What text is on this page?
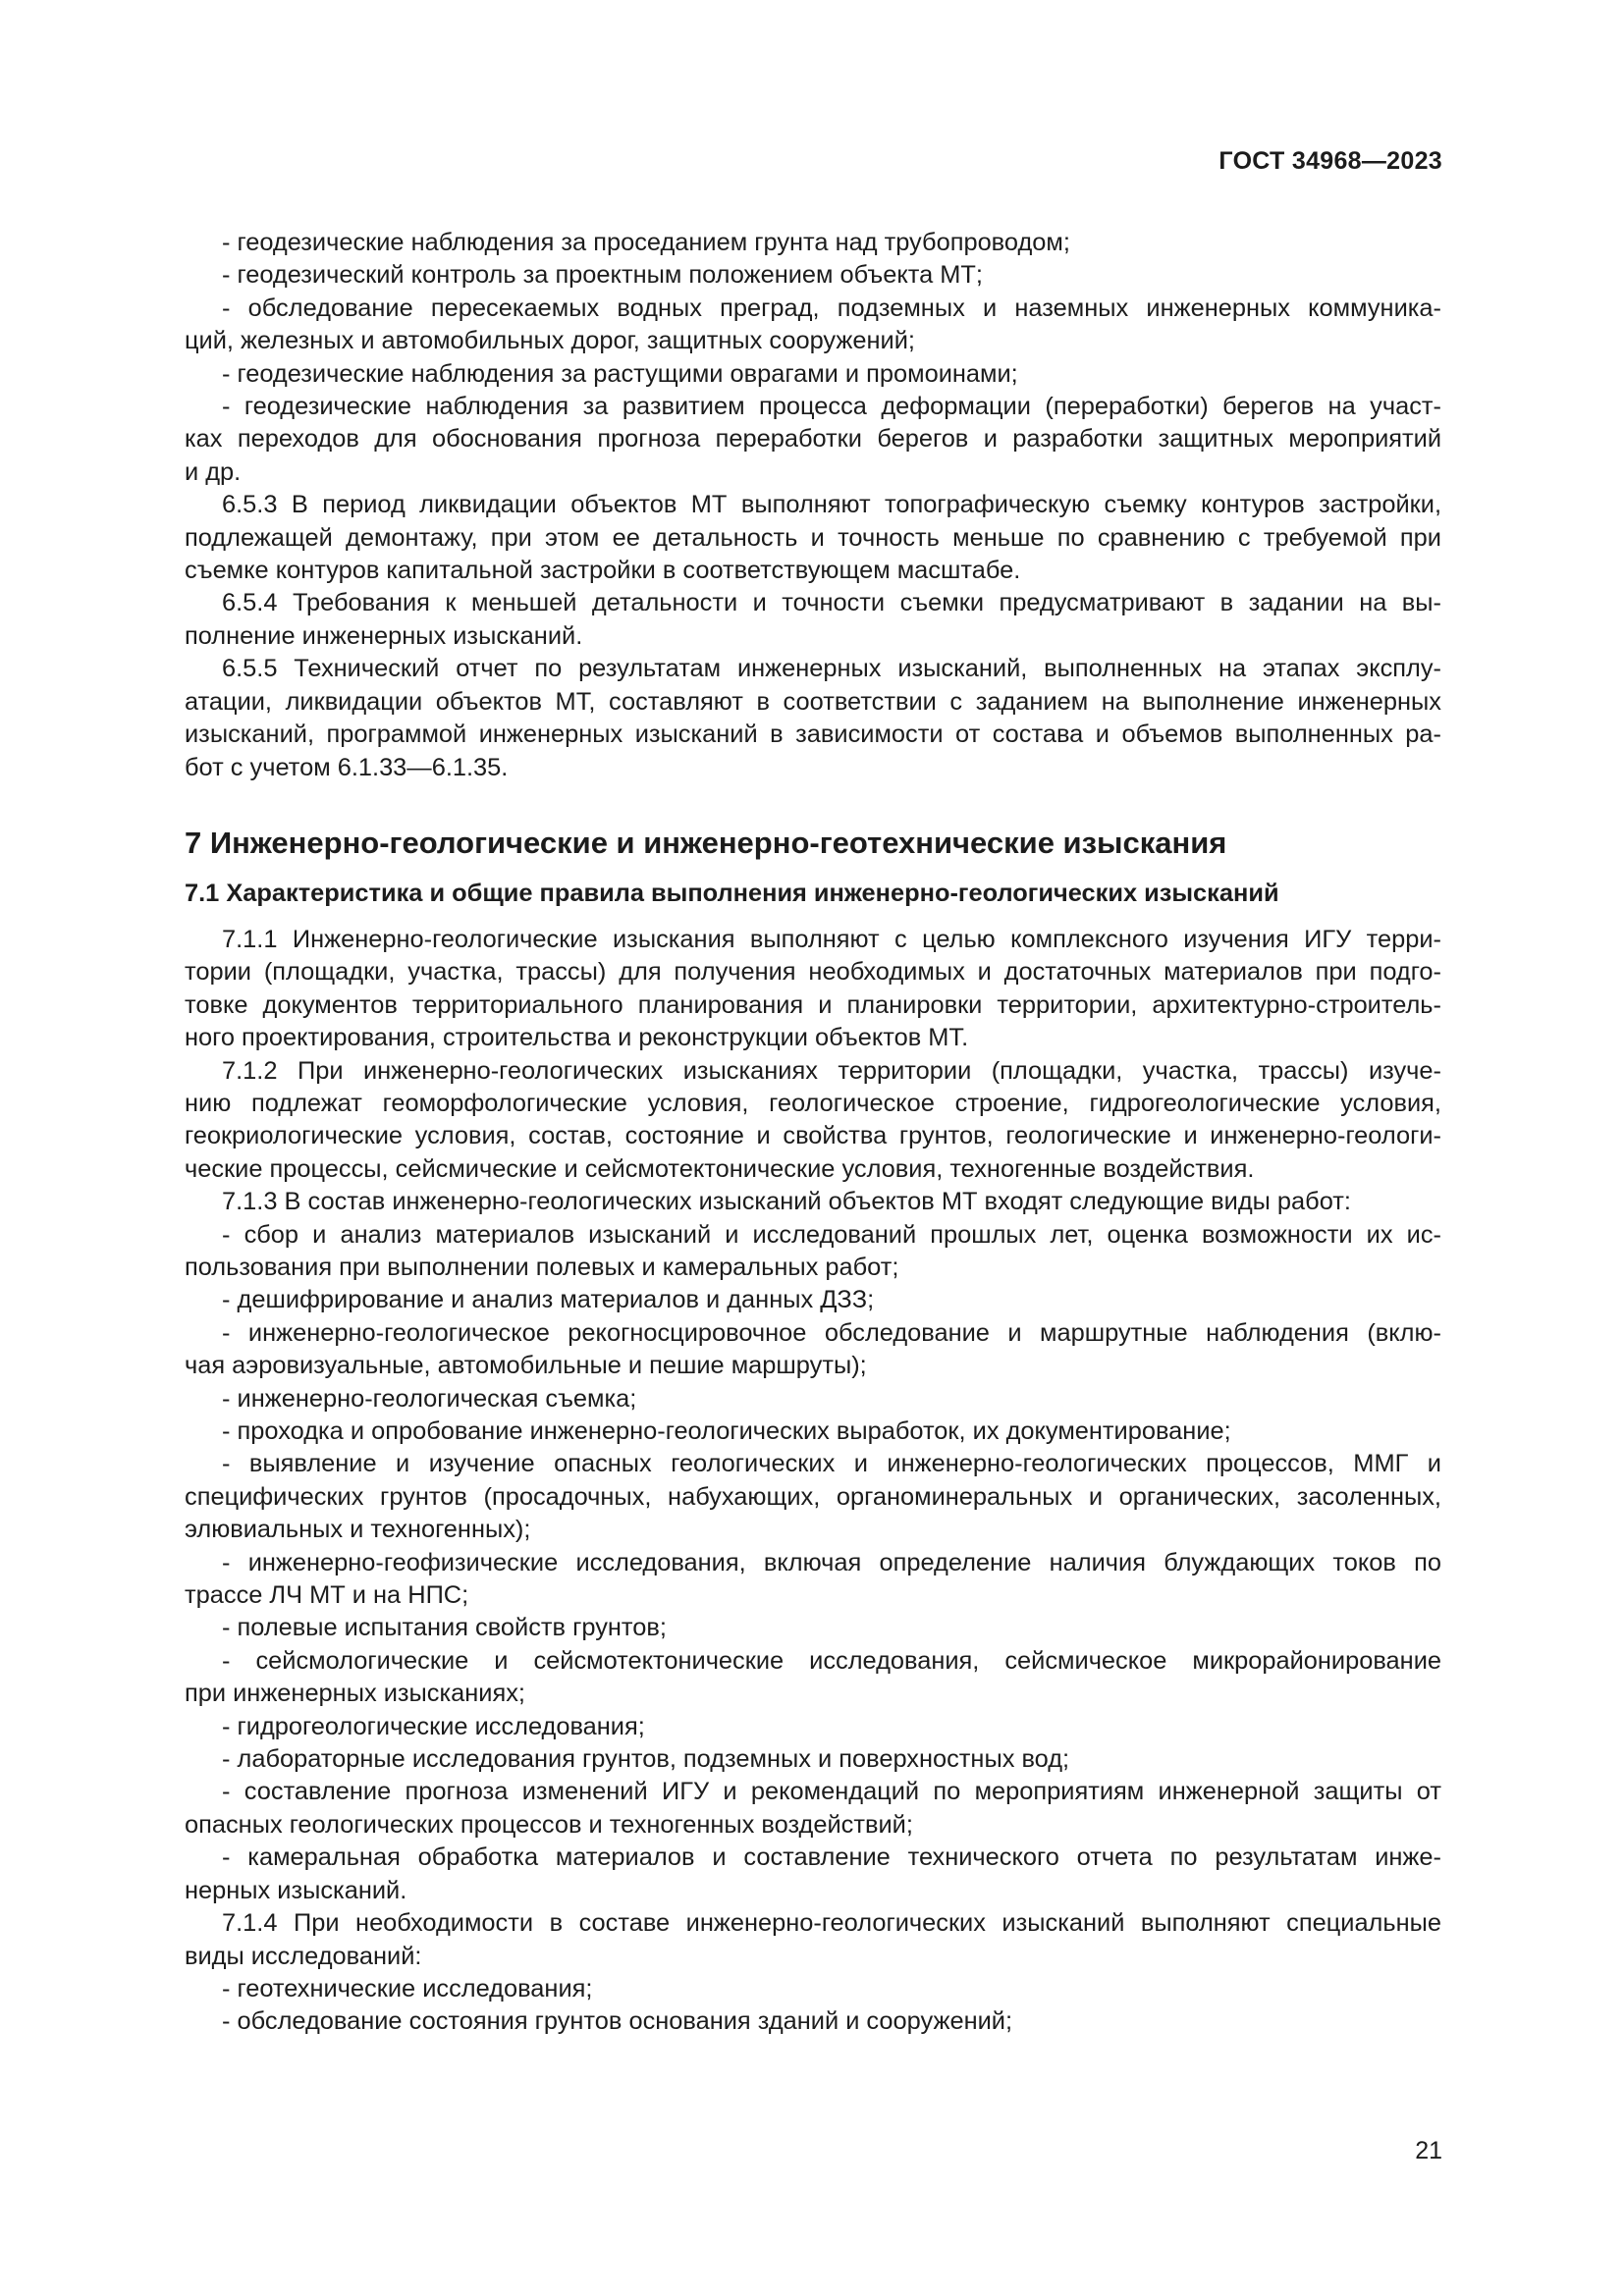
ГОСТ 34968—2023
- геодезические наблюдения за проседанием грунта над трубопроводом;
- геодезический контроль за проектным положением объекта МТ;
- обследование пересекаемых водных преград, подземных и наземных инженерных коммуника-
ций, железных и автомобильных дорог, защитных сооружений;
- геодезические наблюдения за растущими оврагами и промоинами;
- геодезические наблюдения за развитием процесса деформации (переработки) берегов на участ-
ках переходов для обоснования прогноза переработки берегов и разработки защитных мероприятий
и др.
6.5.3 В период ликвидации объектов МТ выполняют топографическую съемку контуров застройки,
подлежащей демонтажу, при этом ее детальность и точность меньше по сравнению с требуемой при
съемке контуров капитальной застройки в соответствующем масштабе.
6.5.4 Требования к меньшей детальности и точности съемки предусматривают в задании на вы-
полнение инженерных изысканий.
6.5.5 Технический отчет по результатам инженерных изысканий, выполненных на этапах эксплу-
атации, ликвидации объектов МТ, составляют в соответствии с заданием на выполнение инженерных
изысканий, программой инженерных изысканий в зависимости от состава и объемов выполненных ра-
бот с учетом 6.1.33—6.1.35.
7 Инженерно-геологические и инженерно-геотехнические изыскания
7.1 Характеристика и общие правила выполнения инженерно-геологических изысканий
7.1.1 Инженерно-геологические изыскания выполняют с целью комплексного изучения ИГУ терри-
тории (площадки, участка, трассы) для получения необходимых и достаточных материалов при подго-
товке документов территориального планирования и планировки территории, архитектурно-строитель-
ного проектирования, строительства и реконструкции объектов МТ.
7.1.2 При инженерно-геологических изысканиях территории (площадки, участка, трассы) изуче-
нию подлежат геоморфологические условия, геологическое строение, гидрогеологические условия,
геокриологические условия, состав, состояние и свойства грунтов, геологические и инженерно-геологи-
ческие процессы, сейсмические и сейсмотектонические условия, техногенные воздействия.
7.1.3 В состав инженерно-геологических изысканий объектов МТ входят следующие виды работ:
- сбор и анализ материалов изысканий и исследований прошлых лет, оценка возможности их ис-
пользования при выполнении полевых и камеральных работ;
- дешифрирование и анализ материалов и данных ДЗЗ;
- инженерно-геологическое рекогносцировочное обследование и маршрутные наблюдения (вклю-
чая аэровизуальные, автомобильные и пешие маршруты);
- инженерно-геологическая съемка;
- проходка и опробование инженерно-геологических выработок, их документирование;
- выявление и изучение опасных геологических и инженерно-геологических процессов, ММГ и
специфических грунтов (просадочных, набухающих, органоминеральных и органических, засоленных,
элювиальных и техногенных);
- инженерно-геофизические исследования, включая определение наличия блуждающих токов по
трассе ЛЧ МТ и на НПС;
- полевые испытания свойств грунтов;
- сейсмологические и сейсмотектонические исследования, сейсмическое микрорайонирование
при инженерных изысканиях;
- гидрогеологические исследования;
- лабораторные исследования грунтов, подземных и поверхностных вод;
- составление прогноза изменений ИГУ и рекомендаций по мероприятиям инженерной защиты от
опасных геологических процессов и техногенных воздействий;
- камеральная обработка материалов и составление технического отчета по результатам инже-
нерных изысканий.
7.1.4 При необходимости в составе инженерно-геологических изысканий выполняют специальные
виды исследований:
- геотехнические исследования;
- обследование состояния грунтов основания зданий и сооружений;
21
